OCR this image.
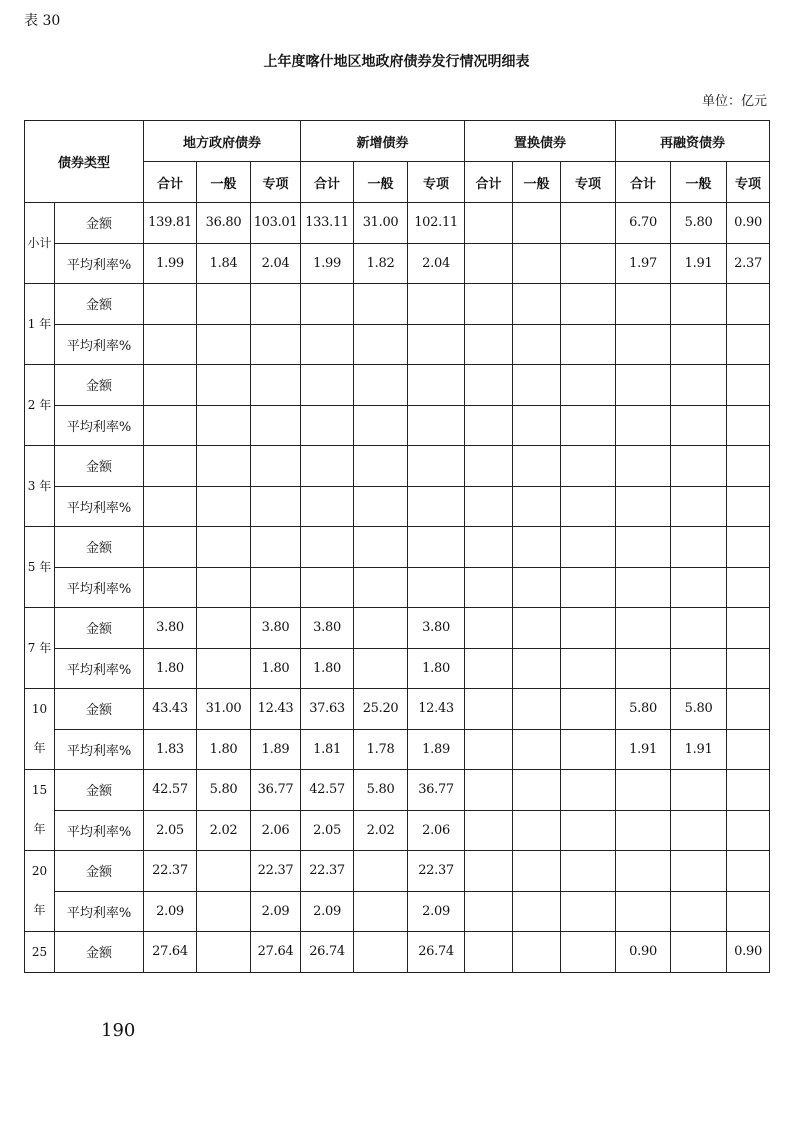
表 30
上年度喀什地区地政府债券发行情况明细表
单位：亿元
债券类型		地方政府债券			新增债券			置换债券			再融资债券		
		合计	一般	专项	合计	一般	专项	合计	一般	专项	合计	一般	专项
小计	金额	139.81	36.80	103.01	133.11	31.00	102.11				6.70	5.80	0.90
	平均利率%	1.99	1.84	2.04	1.99	1.82	2.04				1.97	1.91	2.37
1 年	金额												
	平均利率%												
2 年	金额												
	平均利率%												
3 年	金额												
	平均利率%												
5 年	金额												
	平均利率%												
7 年	金额	3.80		3.80	3.80		3.80						
	平均利率%	1.80		1.80	1.80		1.80						

10
年	金额	43.43	31.00	12.43	37.63	25.20	12.43				5.80	5.80	
	平均利率%	1.83	1.80	1.89	1.81	1.78	1.89				1.91	1.91	

15
年	金额	42.57	5.80	36.77	42.57	5.80	36.77						
	平均利率%	2.05	2.02	2.06	2.05	2.02	2.06						

20
年	金额	22.37		22.37	22.37		22.37						
	平均利率%	2.09		2.09	2.09		2.09						
25	金额	27.64		27.64	26.74		26.74				0.90		0.90
190
